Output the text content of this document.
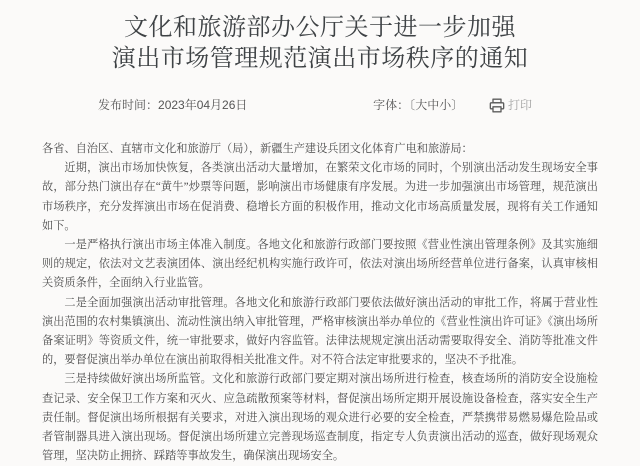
文化和旅游部办公厅关于进一步加强
演出市场管理规范演出市场秩序的通知
发布时间：2023年04月26日	字体：〔大中小〕	打印

各省、自治区、直辖市文化和旅游厅（局），新疆生产建设兵团文化体育广电和旅游局：

近期，演出市场加快恢复，各类演出活动大量增加，在繁荣文化市场的同时，个别演出活动发生现场安全事故，部分热门演出存在“黄牛”炒票等问题，影响演出市场健康有序发展。为进一步加强演出市场管理，规范演出市场秩序，充分发挥演出市场在促消费、稳增长方面的积极作用，推动文化市场高质量发展，现将有关工作通知如下。

一是严格执行演出市场主体准入制度。各地文化和旅游行政部门要按照《营业性演出管理条例》及其实施细则的规定，依法对文艺表演团体、演出经纪机构实施行政许可，依法对演出场所经营单位进行备案，认真审核相关资质条件，全面纳入行业监管。

二是全面加强演出活动审批管理。各地文化和旅游行政部门要依法做好演出活动的审批工作，将属于营业性演出范围的农村集镇演出、流动性演出纳入审批管理，严格审核演出举办单位的《营业性演出许可证》《演出场所备案证明》等资质文件，统一审批要求，做好内容监管。法律法规规定演出活动需要取得安全、消防等批准文件的，要督促演出举办单位在演出前取得相关批准文件。对不符合法定审批要求的，坚决不予批准。

三是持续做好演出场所监管。文化和旅游行政部门要定期对演出场所进行检查，核查场所的消防安全设施检查记录、安全保卫工作方案和灭火、应急疏散预案等材料，督促演出场所定期开展设施设备检查，落实安全生产责任制。督促演出场所根据有关要求，对进入演出现场的观众进行必要的安全检查，严禁携带易燃易爆危险品或者管制器具进入演出现场。督促演出场所建立完善现场巡查制度，指定专人负责演出活动的巡查，做好现场观众管理，坚决防止拥挤、踩踏等事故发生，确保演出现场安全。
